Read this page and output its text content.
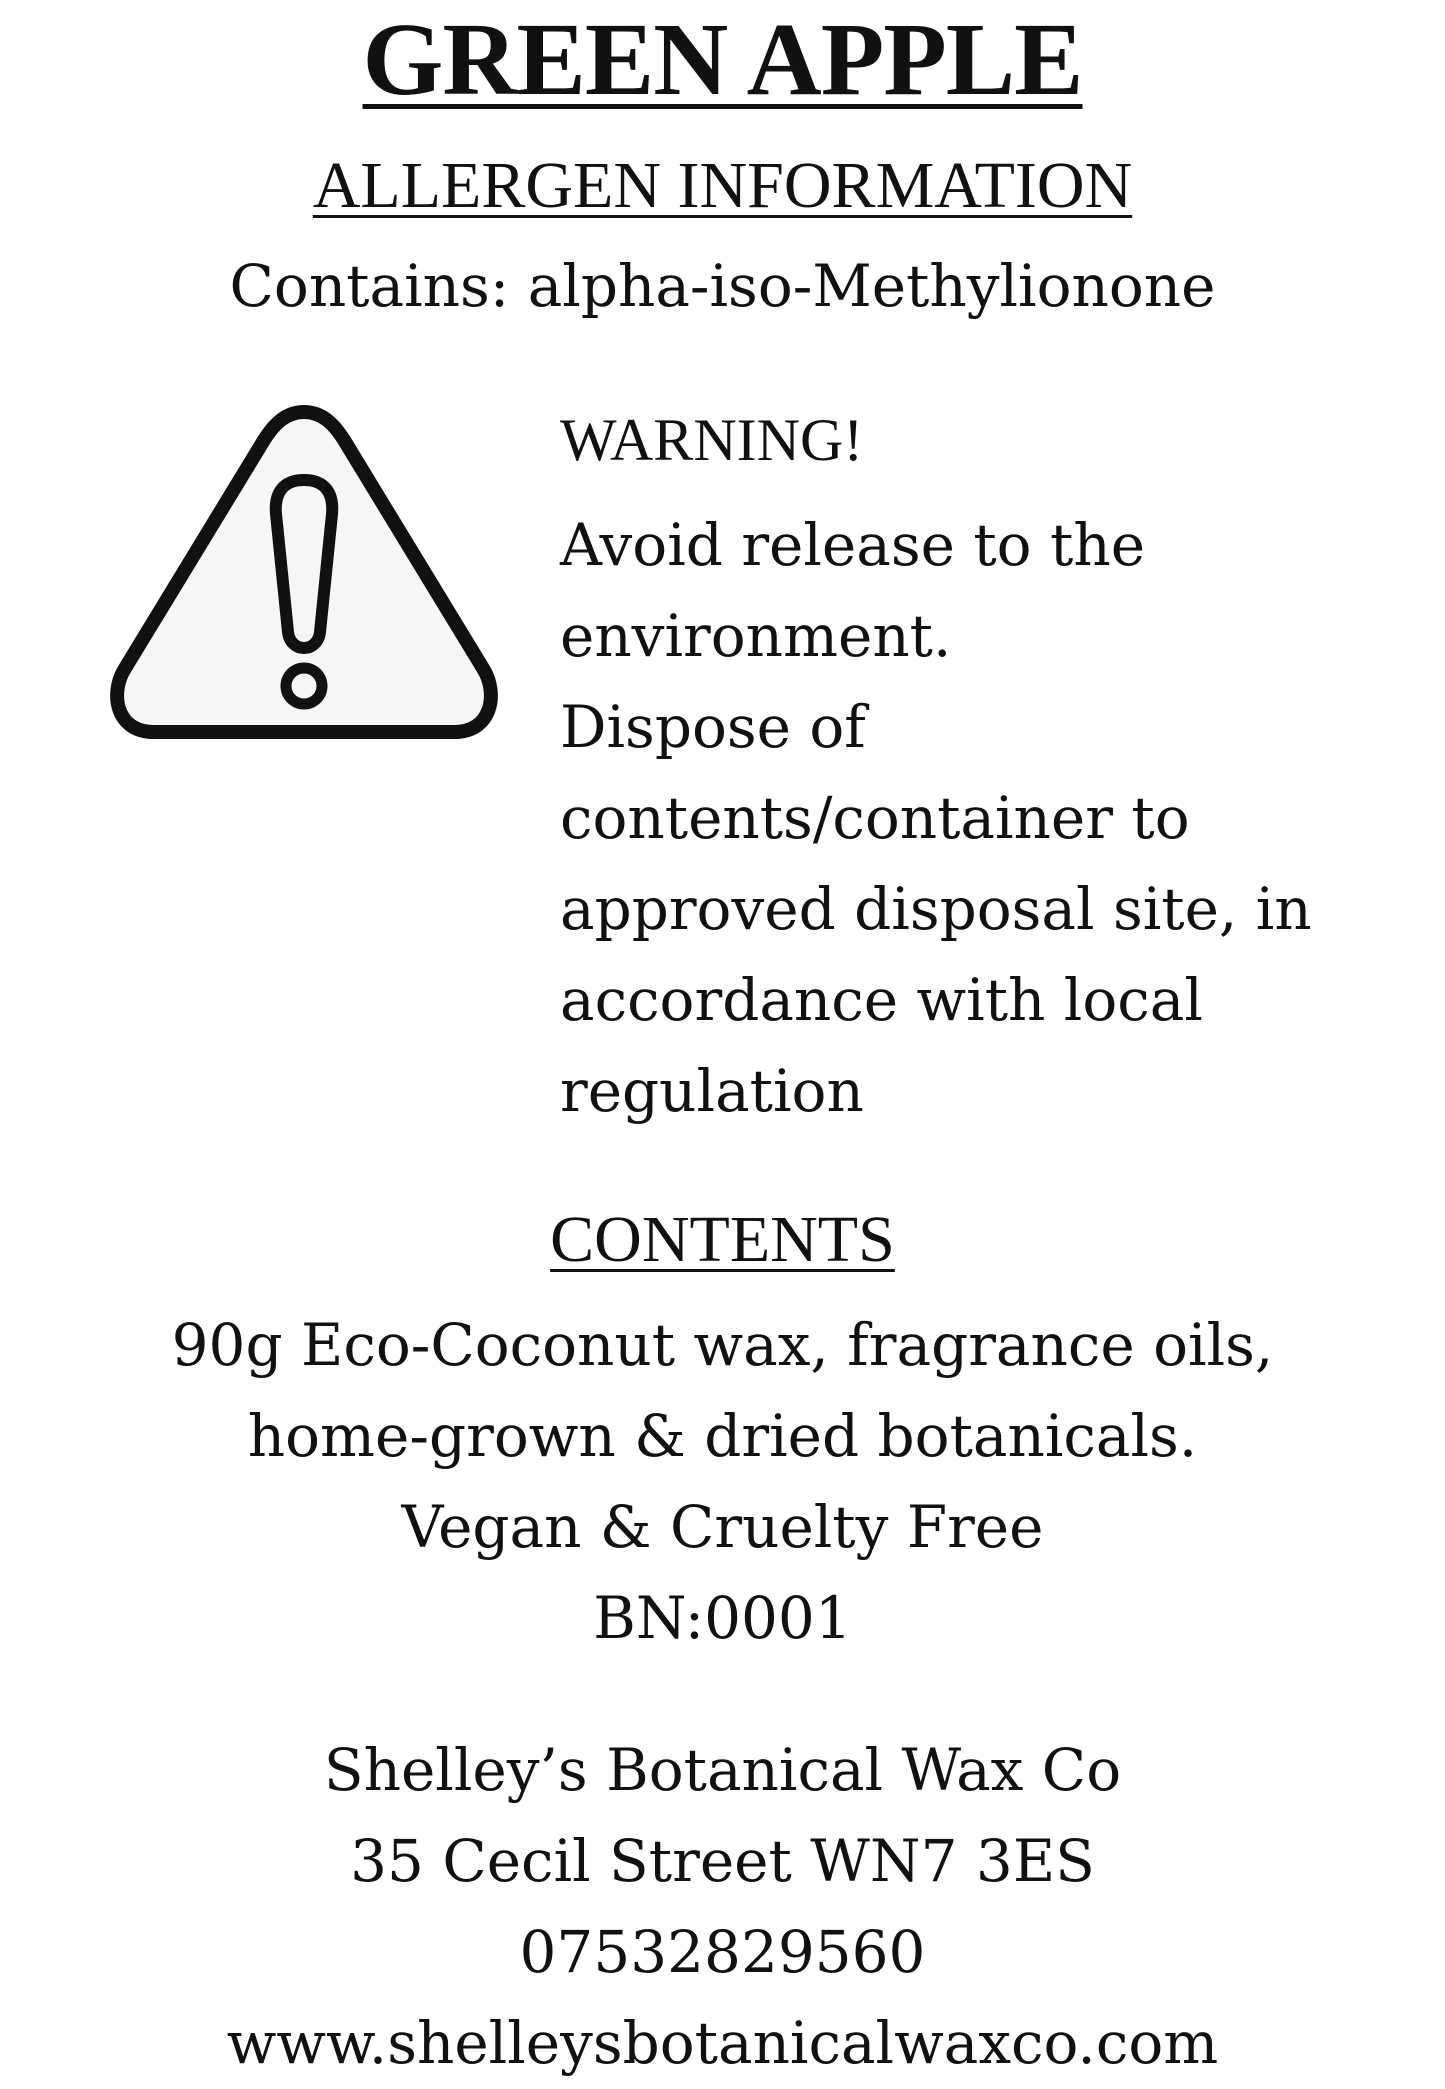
GREEN APPLE
ALLERGEN INFORMATION
Contains: alpha-iso-Methylionone
WARNING!
Avoid release to the
environment.
Dispose of
contents/container to
approved disposal site, in
accordance with local
regulation
CONTENTS
90g Eco-Coconut wax, fragrance oils,
home-grown & dried botanicals.
Vegan & Cruelty Free
BN:0001
Shelley’s Botanical Wax Co
35 Cecil Street WN7 3ES
07532829560
www.shelleysbotanicalwaxco.com
